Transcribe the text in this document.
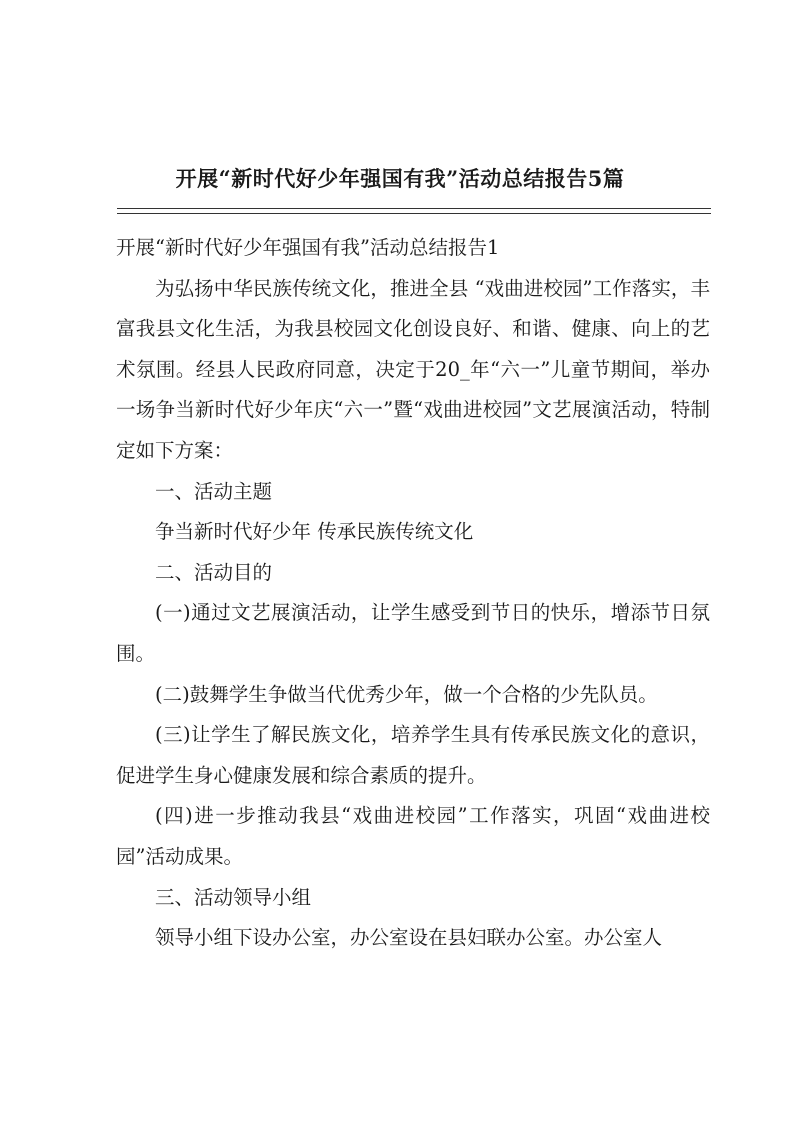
开展“新时代好少年强国有我”活动总结报告5篇

开展“新时代好少年强国有我”活动总结报告1

为弘扬中华民族传统文化，推进全县 “戏曲进校园”工作落实，丰富我县文化生活，为我县校园文化创设良好、和谐、健康、向上的艺术氛围。经县人民政府同意，决定于20_年“六一”儿童节期间，举办一场争当新时代好少年庆“六一”暨“戏曲进校园”文艺展演活动，特制定如下方案：

一、活动主题

争当新时代好少年 传承民族传统文化

二、活动目的

(一)通过文艺展演活动，让学生感受到节日的快乐，增添节日氛围。

(二)鼓舞学生争做当代优秀少年，做一个合格的少先队员。

(三)让学生了解民族文化，培养学生具有传承民族文化的意识，促进学生身心健康发展和综合素质的提升。

(四)进一步推动我县“戏曲进校园”工作落实，巩固“戏曲进校园”活动成果。

三、活动领导小组

领导小组下设办公室，办公室设在县妇联办公室。办公室人
